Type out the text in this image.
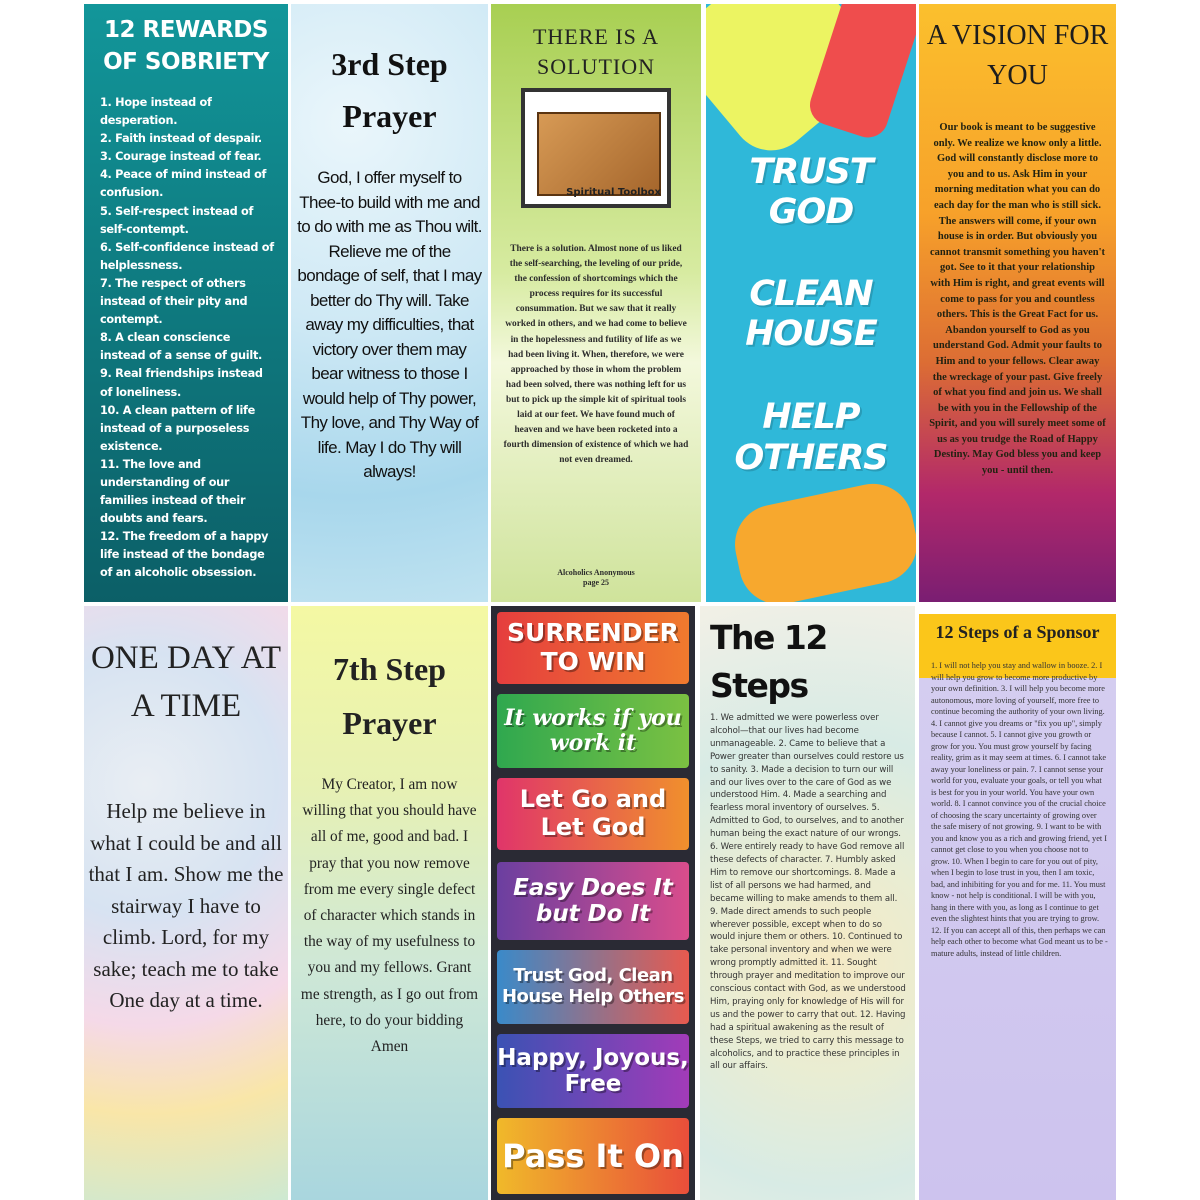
12 REWARDS OF SOBRIETY
1. Hope instead of desperation.
2. Faith instead of despair.
3. Courage instead of fear.
4. Peace of mind instead of confusion.
5. Self-respect instead of self-contempt.
6. Self-confidence instead of helplessness.
7. The respect of others instead of their pity and contempt.
8. A clean conscience instead of a sense of guilt.
9. Real friendships instead of loneliness.
10. A clean pattern of life instead of a purposeless existence.
11. The love and understanding of our families instead of their doubts and fears.
12. The freedom of a happy life instead of the bondage of an alcoholic obsession.
3rd Step Prayer

God, I offer myself to Thee-to build with me and to do with me as Thou wilt. Relieve me of the bondage of self, that I may better do Thy will. Take away my difficulties, that victory over them may bear witness to those I would help of Thy power, Thy love, and Thy Way of life. May I do Thy will always!

THERE IS A SOLUTION
Spiritual Toolbox

There is a solution. Almost none of us liked the self-searching, the leveling of our pride, the confession of shortcomings which the process requires for its successful consummation. But we saw that it really worked in others, and we had come to believe in the hopelessness and futility of life as we had been living it. When, therefore, we were approached by those in whom the problem had been solved, there was nothing left for us but to pick up the simple kit of spiritual tools laid at our feet. We have found much of heaven and we have been rocketed into a fourth dimension of existence of which we had not even dreamed.

Alcoholics Anonymous
page 25
TRUST
GOD
CLEAN
HOUSE
HELP
OTHERS
A VISION FOR YOU

Our book is meant to be suggestive only. We realize we know only a little. God will constantly disclose more to you and to us. Ask Him in your morning meditation what you can do each day for the man who is still sick. The answers will come, if your own house is in order. But obviously you cannot transmit something you haven't got. See to it that your relationship with Him is right, and great events will come to pass for you and countless others. This is the Great Fact for us. Abandon yourself to God as you understand God. Admit your faults to Him and to your fellows. Clear away the wreckage of your past. Give freely of what you find and join us. We shall be with you in the Fellowship of the Spirit, and you will surely meet some of us as you trudge the Road of Happy Destiny. May God bless you and keep you - until then.

ONE DAY AT A TIME

Help me believe in what I could be and all that I am. Show me the stairway I have to climb. Lord, for my sake; teach me to take One day at a time.

7th Step Prayer

My Creator, I am now willing that you should have all of me, good and bad. I pray that you now remove from me every single defect of character which stands in the way of my usefulness to you and my fellows. Grant me strength, as I go out from here, to do your bidding Amen

SURRENDER TO WIN
It works if you work it
Let Go and Let God
Easy Does It but Do It
Trust God, Clean House Help Others
Happy, Joyous, Free
Pass It On
The 12 Steps

1. We admitted we were powerless over alcohol—that our lives had become unmanageable. 2. Came to believe that a Power greater than ourselves could restore us to sanity. 3. Made a decision to turn our will and our lives over to the care of God as we understood Him. 4. Made a searching and fearless moral inventory of ourselves. 5. Admitted to God, to ourselves, and to another human being the exact nature of our wrongs. 6. Were entirely ready to have God remove all these defects of character. 7. Humbly asked Him to remove our shortcomings. 8. Made a list of all persons we had harmed, and became willing to make amends to them all. 9. Made direct amends to such people wherever possible, except when to do so would injure them or others. 10. Continued to take personal inventory and when we were wrong promptly admitted it. 11. Sought through prayer and meditation to improve our conscious contact with God, as we understood Him, praying only for knowledge of His will for us and the power to carry that out. 12. Having had a spiritual awakening as the result of these Steps, we tried to carry this message to alcoholics, and to practice these principles in all our affairs.

12 Steps of a Sponsor

1. I will not help you stay and wallow in booze. 2. I will help you grow to become more productive by your own definition. 3. I will help you become more autonomous, more loving of yourself, more free to continue becoming the authority of your own living. 4. I cannot give you dreams or "fix you up", simply because I cannot. 5. I cannot give you growth or grow for you. You must grow yourself by facing reality, grim as it may seem at times. 6. I cannot take away your loneliness or pain. 7. I cannot sense your world for you, evaluate your goals, or tell you what is best for you in your world. You have your own world. 8. I cannot convince you of the crucial choice of choosing the scary uncertainty of growing over the safe misery of not growing. 9. I want to be with you and know you as a rich and growing friend, yet I cannot get close to you when you choose not to grow. 10. When I begin to care for you out of pity, when I begin to lose trust in you, then I am toxic, bad, and inhibiting for you and for me. 11. You must know - not help is conditional. I will be with you, hang in there with you, as long as I continue to get even the slightest hints that you are trying to grow. 12. If you can accept all of this, then perhaps we can help each other to become what God meant us to be - mature adults, instead of little children.
